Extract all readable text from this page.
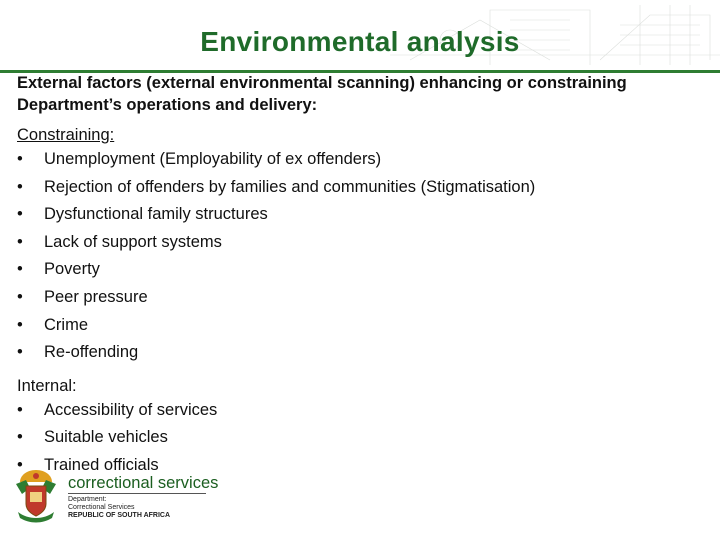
Environmental analysis
External factors (external environmental scanning) enhancing or constraining Department’s operations and delivery:
Constraining:
• Unemployment (Employability of ex offenders)
• Rejection of offenders by families and communities (Stigmatisation)
• Dysfunctional family structures
• Lack of support systems
• Poverty
• Peer pressure
• Crime
• Re-offending
Internal:
• Accessibility of services
• Suitable vehicles
• Trained officials
correctional services
Department:
Correctional Services
REPUBLIC OF SOUTH AFRICA
